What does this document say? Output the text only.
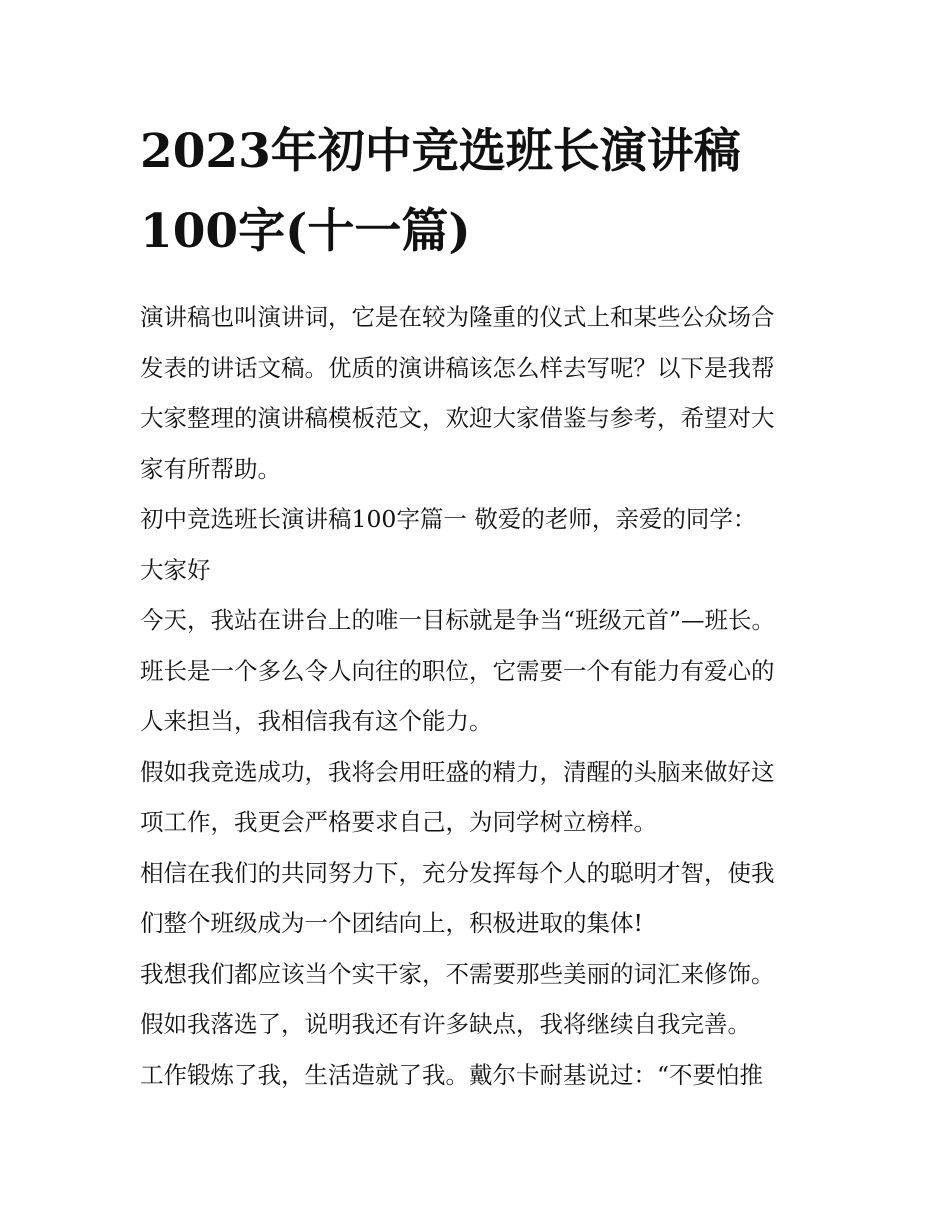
2023年初中竞选班长演讲稿
100字(十一篇)

演讲稿也叫演讲词，它是在较为隆重的仪式上和某些公众场合
发表的讲话文稿。优质的演讲稿该怎么样去写呢？以下是我帮
大家整理的演讲稿模板范文，欢迎大家借鉴与参考，希望对大
家有所帮助。

初中竞选班长演讲稿100字篇一 敬爱的老师，亲爱的同学：

大家好

今天，我站在讲台上的唯一目标就是争当“班级元首”—班长。
班长是一个多么令人向往的职位，它需要一个有能力有爱心的
人来担当，我相信我有这个能力。

假如我竞选成功，我将会用旺盛的精力，清醒的头脑来做好这
项工作，我更会严格要求自己，为同学树立榜样。

相信在我们的共同努力下，充分发挥每个人的聪明才智，使我
们整个班级成为一个团结向上，积极进取的集体!

我想我们都应该当个实干家，不需要那些美丽的词汇来修饰。

假如我落选了，说明我还有许多缺点，我将继续自我完善。

工作锻炼了我，生活造就了我。戴尔卡耐基说过：“不要怕推
